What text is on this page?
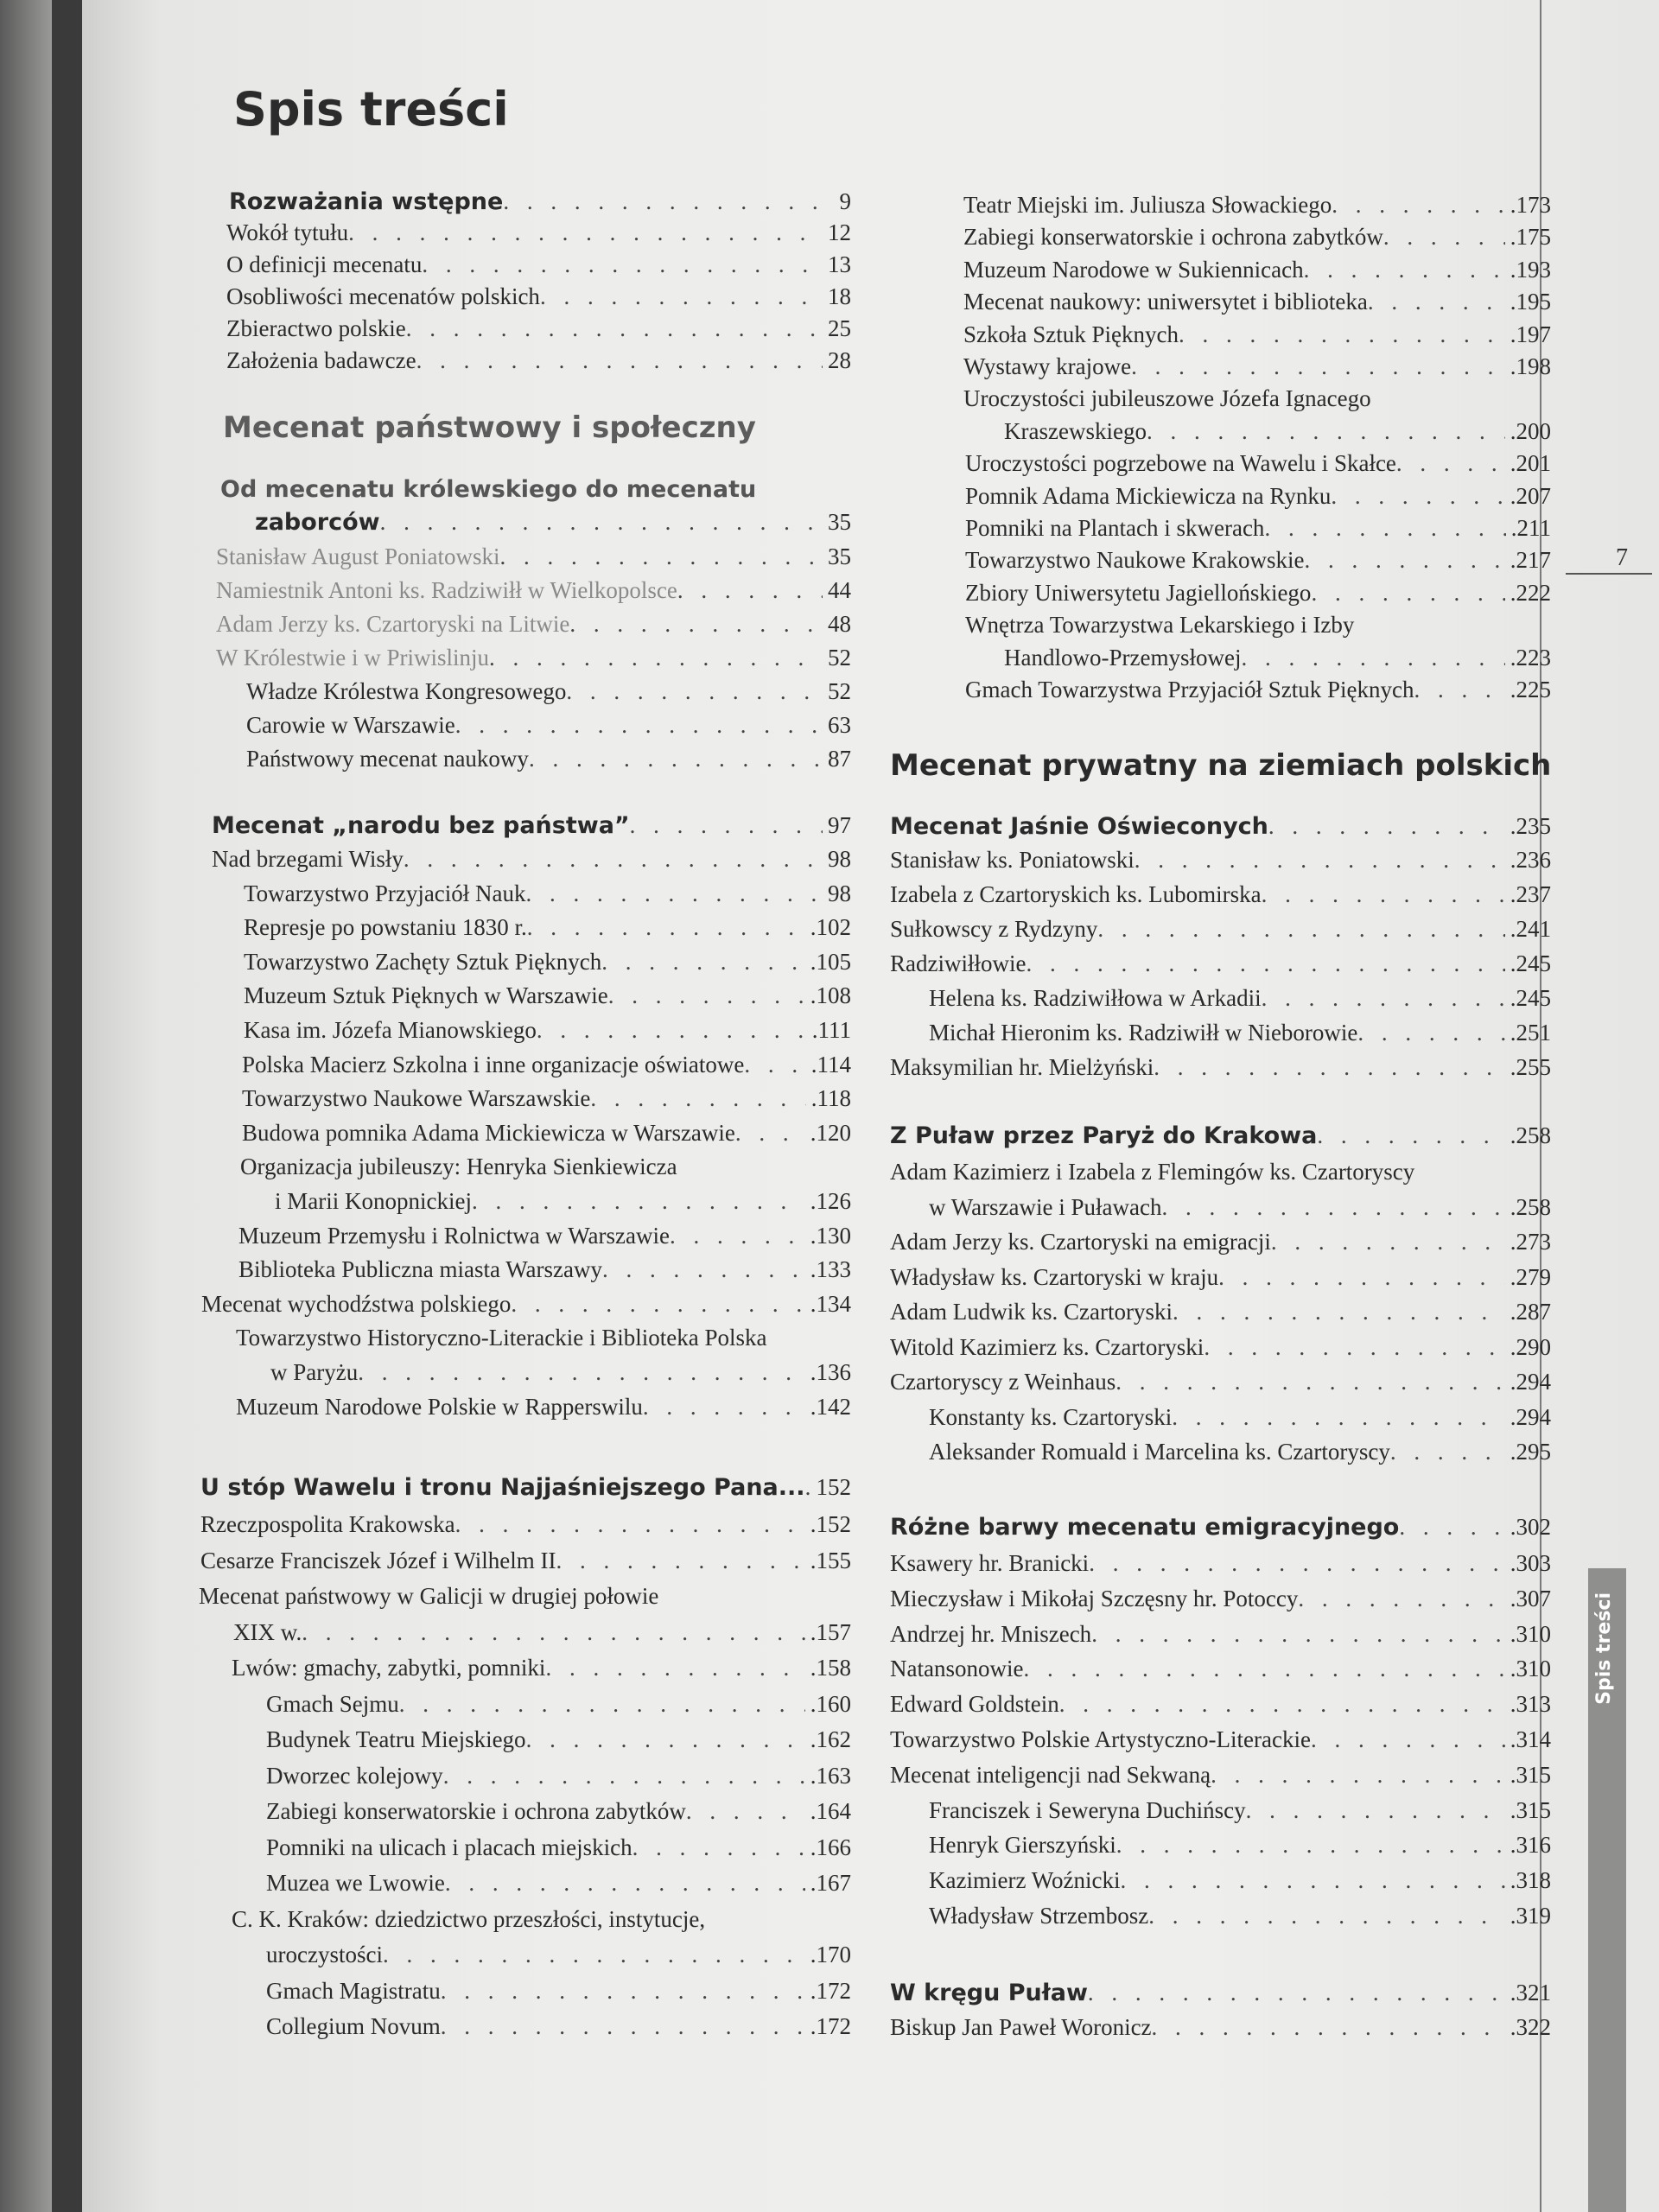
7
Spis treści
Spis treści
Rozważania wstępne . . .	9
Wokół tytułu . . .	12
O definicji mecenatu . . .	13
Osobliwości mecenatów polskich . . .	18
Zbieractwo polskie . . .	25
Założenia badawcze . . .	28
Mecenat państwowy i społeczny
Od mecenatu królewskiego do mecenatu
zaborców . . .	35
Stanisław August Poniatowski . . .	35
Namiestnik Antoni ks. Radziwiłł w Wielkopolsce . . .	44
Adam Jerzy ks. Czartoryski na Litwie . . .	48
W Królestwie i w Priwislinju . . .	52
Władze Królestwa Kongresowego . . .	52
Carowie w Warszawie . . .	63
Państwowy mecenat naukowy . . .	87
Mecenat „narodu bez państwa” . . .	97
Nad brzegami Wisły . . .	98
Towarzystwo Przyjaciół Nauk . . .	98
Represje po powstaniu 1830 r. . . .	.102
Towarzystwo Zachęty Sztuk Pięknych . . .	.105
Muzeum Sztuk Pięknych w Warszawie . . .	.108
Kasa im. Józefa Mianowskiego . . .	.111
Polska Macierz Szkolna i inne organizacje oświatowe . . .	.114
Towarzystwo Naukowe Warszawskie . . .	.118
Budowa pomnika Adama Mickiewicza w Warszawie . . .	.120
Organizacja jubileuszy: Henryka Sienkiewicza
i Marii Konopnickiej . . .	.126
Muzeum Przemysłu i Rolnictwa w Warszawie . . .	.130
Biblioteka Publiczna miasta Warszawy . . .	.133
Mecenat wychodźstwa polskiego . . .	.134
Towarzystwo Historyczno-Literackie i Biblioteka Polska
w Paryżu . . .	.136
Muzeum Narodowe Polskie w Rapperswilu . . .	.142
U stóp Wawelu i tronu Najjaśniejszego Pana... . . . 152
Rzeczpospolita Krakowska . . .	.152
Cesarze Franciszek Józef i Wilhelm II . . .	.155
Mecenat państwowy w Galicji w drugiej połowie
XIX w. . . .	.157
Lwów: gmachy, zabytki, pomniki . . .	.158
Gmach Sejmu . . .	.160
Budynek Teatru Miejskiego . . .	.162
Dworzec kolejowy . . .	.163
Zabiegi konserwatorskie i ochrona zabytków . . .	.164
Pomniki na ulicach i placach miejskich . . .	.166
Muzea we Lwowie . . .	.167
C. K. Kraków: dziedzictwo przeszłości, instytucje,
uroczystości . . .	.170
Gmach Magistratu . . .	.172
Collegium Novum . . .	.172
Teatr Miejski im. Juliusza Słowackiego . . .	.173
Zabiegi konserwatorskie i ochrona zabytków . . .	.175
Muzeum Narodowe w Sukiennicach . . .	.193
Mecenat naukowy: uniwersytet i biblioteka . . .	.195
Szkoła Sztuk Pięknych . . .	.197
Wystawy krajowe . . .	.198
Uroczystości jubileuszowe Józefa Ignacego
Kraszewskiego . . .	.200
Uroczystości pogrzebowe na Wawelu i Skałce . . .	.201
Pomnik Adama Mickiewicza na Rynku . . .	.207
Pomniki na Plantach i skwerach . . .	.211
Towarzystwo Naukowe Krakowskie . . .	.217
Zbiory Uniwersytetu Jagiellońskiego . . .	.222
Wnętrza Towarzystwa Lekarskiego i Izby
Handlowo-Przemysłowej . . .	.223
Gmach Towarzystwa Przyjaciół Sztuk Pięknych . . .	.225
Mecenat prywatny na ziemiach polskich
Mecenat Jaśnie Oświeconych . . .	.235
Stanisław ks. Poniatowski . . .	.236
Izabela z Czartoryskich ks. Lubomirska . . .	.237
Sułkowscy z Rydzyny . . .	.241
Radziwiłłowie . . .	.245
Helena ks. Radziwiłłowa w Arkadii . . .	.245
Michał Hieronim ks. Radziwiłł w Nieborowie . . .	.251
Maksymilian hr. Mielżyński . . .	.255
Z Puław przez Paryż do Krakowa . . .	.258
Adam Kazimierz i Izabela z Flemingów ks. Czartoryscy
w Warszawie i Puławach . . .	.258
Adam Jerzy ks. Czartoryski na emigracji . . .	.273
Władysław ks. Czartoryski w kraju . . .	.279
Adam Ludwik ks. Czartoryski . . .	.287
Witold Kazimierz ks. Czartoryski . . .	.290
Czartoryscy z Weinhaus . . .	.294
Konstanty ks. Czartoryski . . .	.294
Aleksander Romuald i Marcelina ks. Czartoryscy . . .	.295
Różne barwy mecenatu emigracyjnego . . .	.302
Ksawery hr. Branicki . . .	.303
Mieczysław i Mikołaj Szczęsny hr. Potoccy . . .	.307
Andrzej hr. Mniszech . . .	.310
Natansonowie . . .	.310
Edward Goldstein . . .	.313
Towarzystwo Polskie Artystyczno-Literackie . . .	.314
Mecenat inteligencji nad Sekwaną . . .	.315
Franciszek i Seweryna Duchińscy . . .	.315
Henryk Gierszyński . . .	.316
Kazimierz Woźnicki . . .	.318
Władysław Strzembosz . . .	.319
W kręgu Puław . . .	.321
Biskup Jan Paweł Woronicz . . .	.322
